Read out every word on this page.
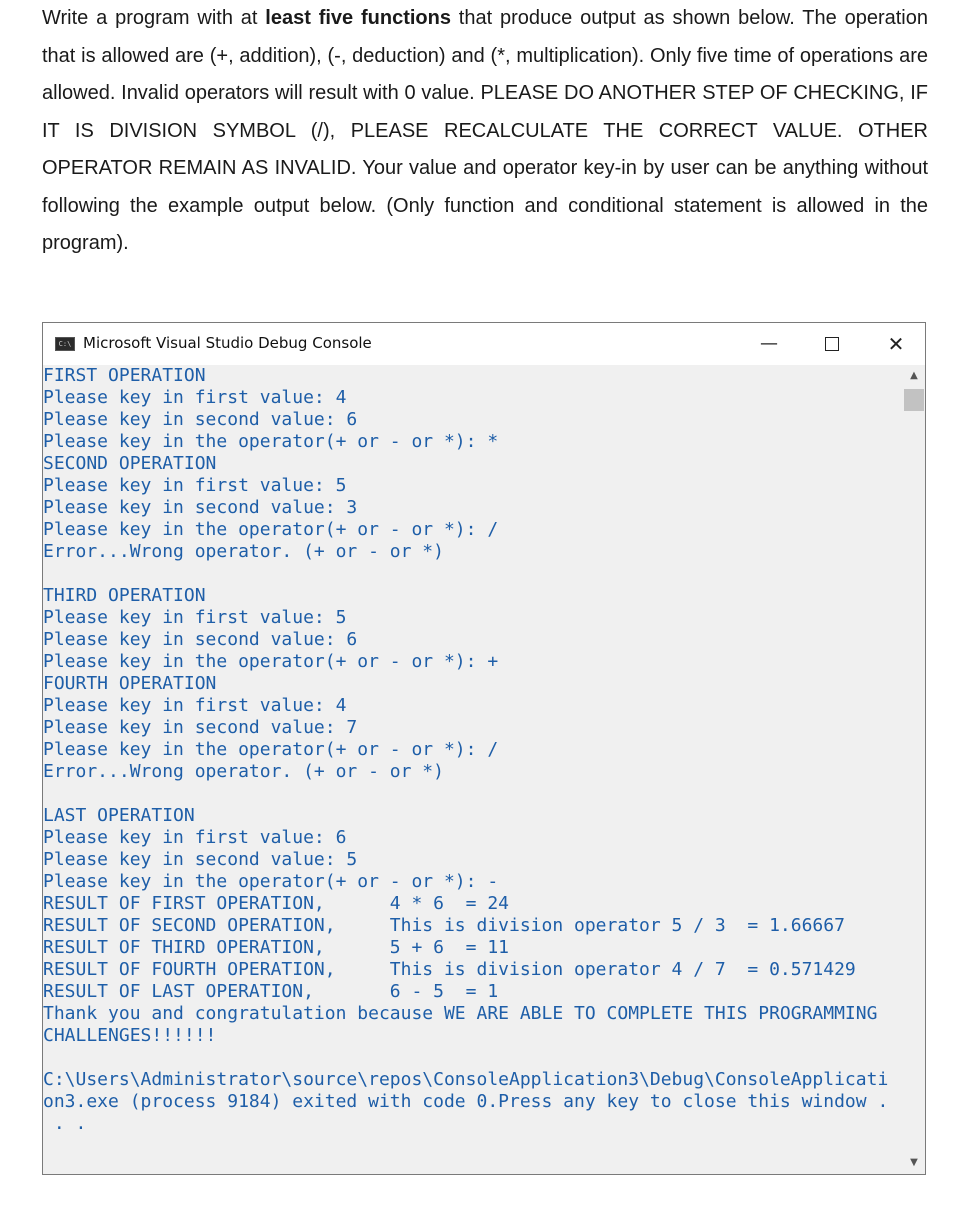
Write a program with at least five functions that produce output as shown below. The operation that is allowed are (+, addition), (-, deduction) and (*, multiplication). Only five time of operations are allowed. Invalid operators will result with 0 value. PLEASE DO ANOTHER STEP OF CHECKING, IF IT IS DIVISION SYMBOL (/), PLEASE RECALCULATE THE CORRECT VALUE. OTHER OPERATOR REMAIN AS INVALID. Your value and operator key-in by user can be anything without following the example output below. (Only function and conditional statement is allowed in the program).
C:\ Microsoft Visual Studio Debug Console	—	✕
FIRST OPERATION
Please key in first value: 4
Please key in second value: 6
Please key in the operator(+ or - or *): *
SECOND OPERATION
Please key in first value: 5
Please key in second value: 3
Please key in the operator(+ or - or *): /
Error...Wrong operator. (+ or - or *)
THIRD OPERATION
Please key in first value: 5
Please key in second value: 6
Please key in the operator(+ or - or *): +
FOURTH OPERATION
Please key in first value: 4
Please key in second value: 7
Please key in the operator(+ or - or *): /
Error...Wrong operator. (+ or - or *)
LAST OPERATION
Please key in first value: 6
Please key in second value: 5
Please key in the operator(+ or - or *): -
RESULT OF FIRST OPERATION,      4 * 6  = 24
RESULT OF SECOND OPERATION,     This is division operator 5 / 3  = 1.66667
RESULT OF THIRD OPERATION,      5 + 6  = 11
RESULT OF FOURTH OPERATION,     This is division operator 4 / 7  = 0.571429
RESULT OF LAST OPERATION,       6 - 5  = 1
Thank you and congratulation because WE ARE ABLE TO COMPLETE THIS PROGRAMMING
CHALLENGES!!!!!!
C:\Users\Administrator\source\repos\ConsoleApplication3\Debug\ConsoleApplicati
on3.exe (process 9184) exited with code 0.Press any key to close this window .
. .
▲
▼
